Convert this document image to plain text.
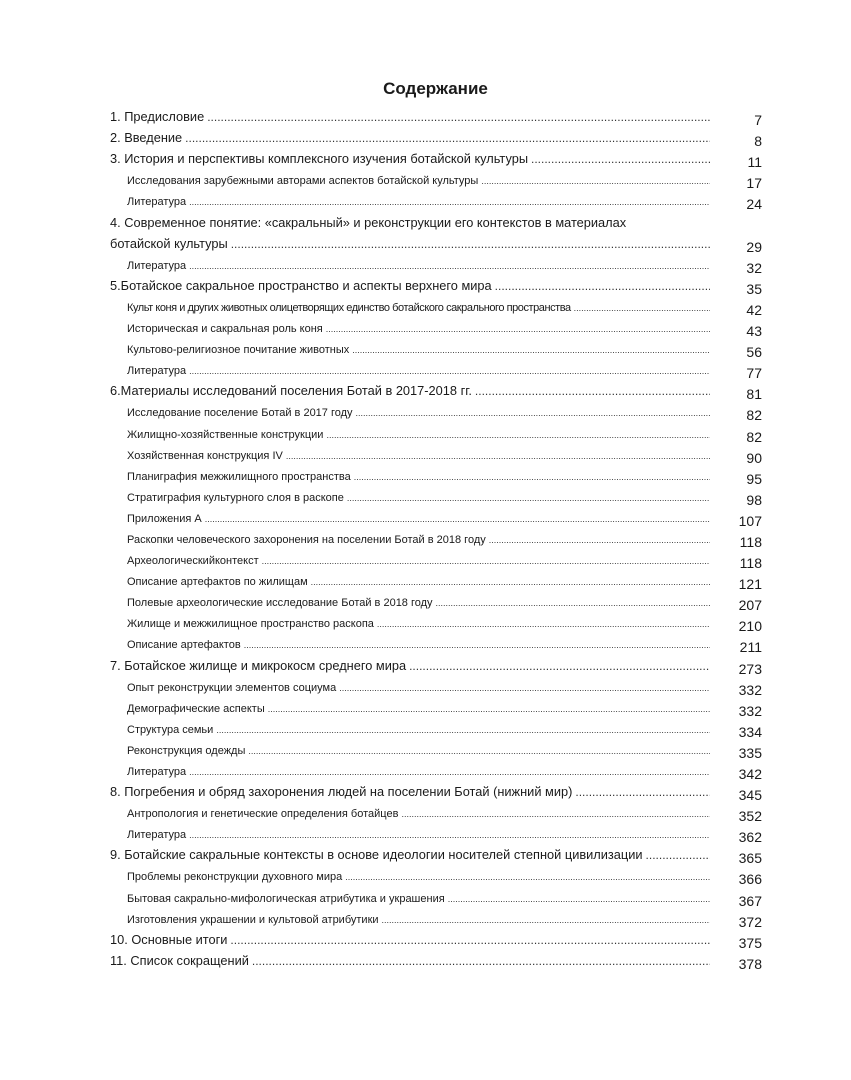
Содержание
1. Предисловие .....	7
2. Введение .....	8
3. История и перспективы комплексного изучения ботайской культуры .....	11
Исследования зарубежными авторами аспектов ботайской культуры .....	17
Литература .....	24
4. Современное понятие: «сакральный» и реконструкции его контекстов в материалах
ботайской культуры .....	29
Литература .....	32
5.Ботайское сакральное пространство и аспекты верхнего мира .....	35
Культ коня и других животных олицетворящих единство ботайского сакрального пространства .....	42
Историческая и сакральная роль коня .....	43
Культово-религиозное почитание животных .....	56
Литература .....	77
6.Материалы исследований поселения Ботай в 2017-2018 гг. .....	81
Исследование поселение Ботай в 2017 году .....	82
Жилищно-хозяйственные конструкции .....	82
Хозяйственная конструкция IV .....	90
Планиграфия межжилищного пространства .....	95
Стратиграфия культурного слоя в раскопе .....	98
Приложения А .....	107
Раскопки человеческого захоронения на поселении Ботай в 2018 году .....	118
Археологическийконтекст .....	118
Описание артефактов по жилищам .....	121
Полевые археологические исследование Ботай в 2018 году .....	207
Жилище и межжилищное пространство раскопа .....	210
Описание артефактов .....	211
7. Ботайское жилище и микрокосм среднего мира .....	273
Опыт реконструкции элементов социума .....	332
Демографические аспекты .....	332
Структура семьи .....	334
Реконструкция одежды .....	335
Литература .....	342
8. Погребения и обряд захоронения людей на поселении Ботай (нижний мир) .....	345
Антропология и генетические определения ботайцев .....	352
Литература .....	362
9. Ботайские сакральные контексты в основе идеологии носителей степной цивилизации .....	365
Проблемы реконструкции духовного мира .....	366
Бытовая сакрально-мифологическая атрибутика и украшения .....	367
Изготовления украшении и культовой атрибутики .....	372
10. Основные итоги .....	375
11. Список сокращений .....	378
